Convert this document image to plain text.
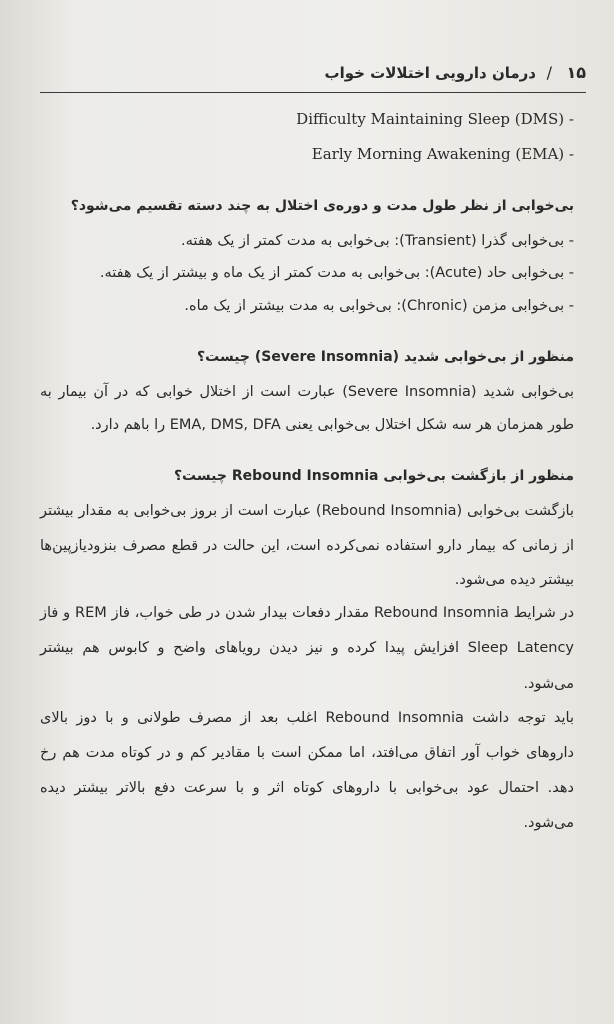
درمان دارویی اختلالات خواب / ۱۵
Difficulty Maintaining Sleep (DMS) -
Early Morning Awakening (EMA) -
بی‌خوابی از نظر طول مدت و دوره‌ی اختلال به چند دسته تقسیم می‌شود؟
- بی‌خوابی گذرا (Transient): بی‌خوابی به مدت کمتر از یک هفته.
- بی‌خوابی حاد (Acute): بی‌خوابی به مدت کمتر از یک ماه و بیشتر از یک هفته.
- بی‌خوابی مزمن (Chronic): بی‌خوابی به مدت بیشتر از یک ماه.
منظور از بی‌خوابی شدید (Severe Insomnia) چیست؟
بی‌خوابی شدید (Severe Insomnia) عبارت است از اختلال خوابی که در آن بیمار به
طور همزمان هر سه شکل اختلال بی‌خوابی یعنی EMA, DMS, DFA را باهم دارد.
منظور از بازگشت بی‌خوابی Rebound Insomnia چیست؟
بازگشت بی‌خوابی (Rebound Insomnia) عبارت است از بروز بی‌خوابی به مقدار بیشتر
از زمانی که بیمار دارو استفاده نمی‌کرده است، این حالت در قطع مصرف بنزودیازپین‌ها
بیشتر دیده می‌شود.
در شرایط Rebound Insomnia مقدار دفعات بیدار شدن در طی خواب، فاز REM و فاز
Sleep Latency افزایش پیدا کرده و نیز دیدن رویاهای واضح و کابوس هم بیشتر
می‌شود.
باید توجه داشت Rebound Insomnia اغلب بعد از مصرف طولانی و با دوز بالای
داروهای خواب آور اتفاق می‌افتد، اما ممکن است با مقادیر کم و در کوتاه مدت هم رخ
دهد. احتمال عود بی‌خوابی با داروهای کوتاه اثر و با سرعت دفع بالاتر بیشتر دیده
می‌شود.
